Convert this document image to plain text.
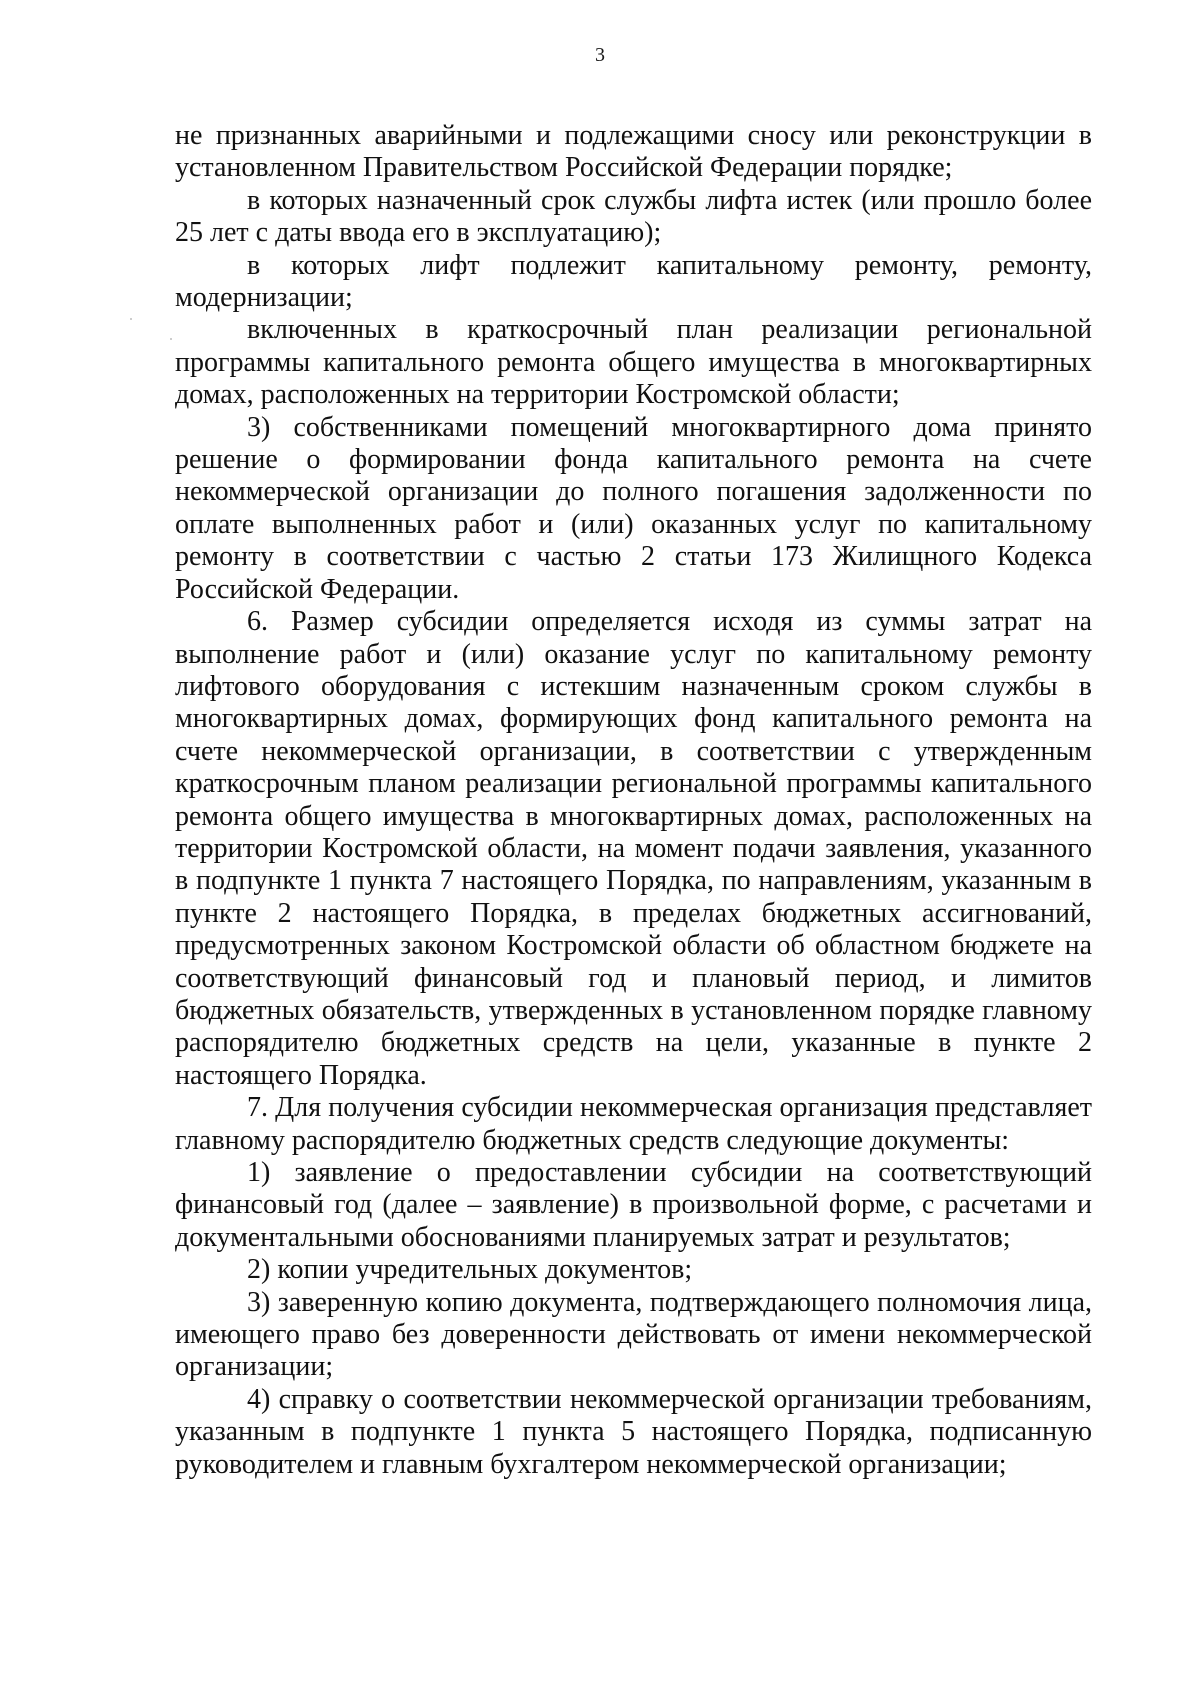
3

не признанных аварийными и подлежащими сносу или реконструкции в установленном Правительством Российской Федерации порядке;

в которых назначенный срок службы лифта истек (или прошло более 25 лет с даты ввода его в эксплуатацию);

в которых лифт подлежит капитальному ремонту, ремонту, модернизации;

включенных в краткосрочный план реализации региональной программы капитального ремонта общего имущества в многоквартирных домах, расположенных на территории Костромской области;

3) собственниками помещений многоквартирного дома принято решение о формировании фонда капитального ремонта на счете некоммерческой организации до полного погашения задолженности по оплате выполненных работ и (или) оказанных услуг по капитальному ремонту в соответствии с частью 2 статьи 173 Жилищного Кодекса Российской Федерации.

6. Размер субсидии определяется исходя из суммы затрат на выполнение работ и (или) оказание услуг по капитальному ремонту лифтового оборудования с истекшим назначенным сроком службы в многоквартирных домах, формирующих фонд капитального ремонта на счете некоммерческой организации, в соответствии с утвержденным краткосрочным планом реализации региональной программы капитального ремонта общего имущества в многоквартирных домах, расположенных на территории Костромской области, на момент подачи заявления, указанного в подпункте 1 пункта 7 настоящего Порядка, по направлениям, указанным в пункте 2 настоящего Порядка, в пределах бюджетных ассигнований, предусмотренных законом Костромской области об областном бюджете на соответствующий финансовый год и плановый период, и лимитов бюджетных обязательств, утвержденных в установленном порядке главному распорядителю бюджетных средств на цели, указанные в пункте 2 настоящего Порядка.

7. Для получения субсидии некоммерческая организация представляет главному распорядителю бюджетных средств следующие документы:

1) заявление о предоставлении субсидии на соответствующий финансовый год (далее – заявление) в произвольной форме, с расчетами и документальными обоснованиями планируемых затрат и результатов;

2) копии учредительных документов;

3) заверенную копию документа, подтверждающего полномочия лица, имеющего право без доверенности действовать от имени некоммерческой организации;

4) справку о соответствии некоммерческой организации требованиям, указанным в подпункте 1 пункта 5 настоящего Порядка, подписанную руководителем и главным бухгалтером некоммерческой организации;
